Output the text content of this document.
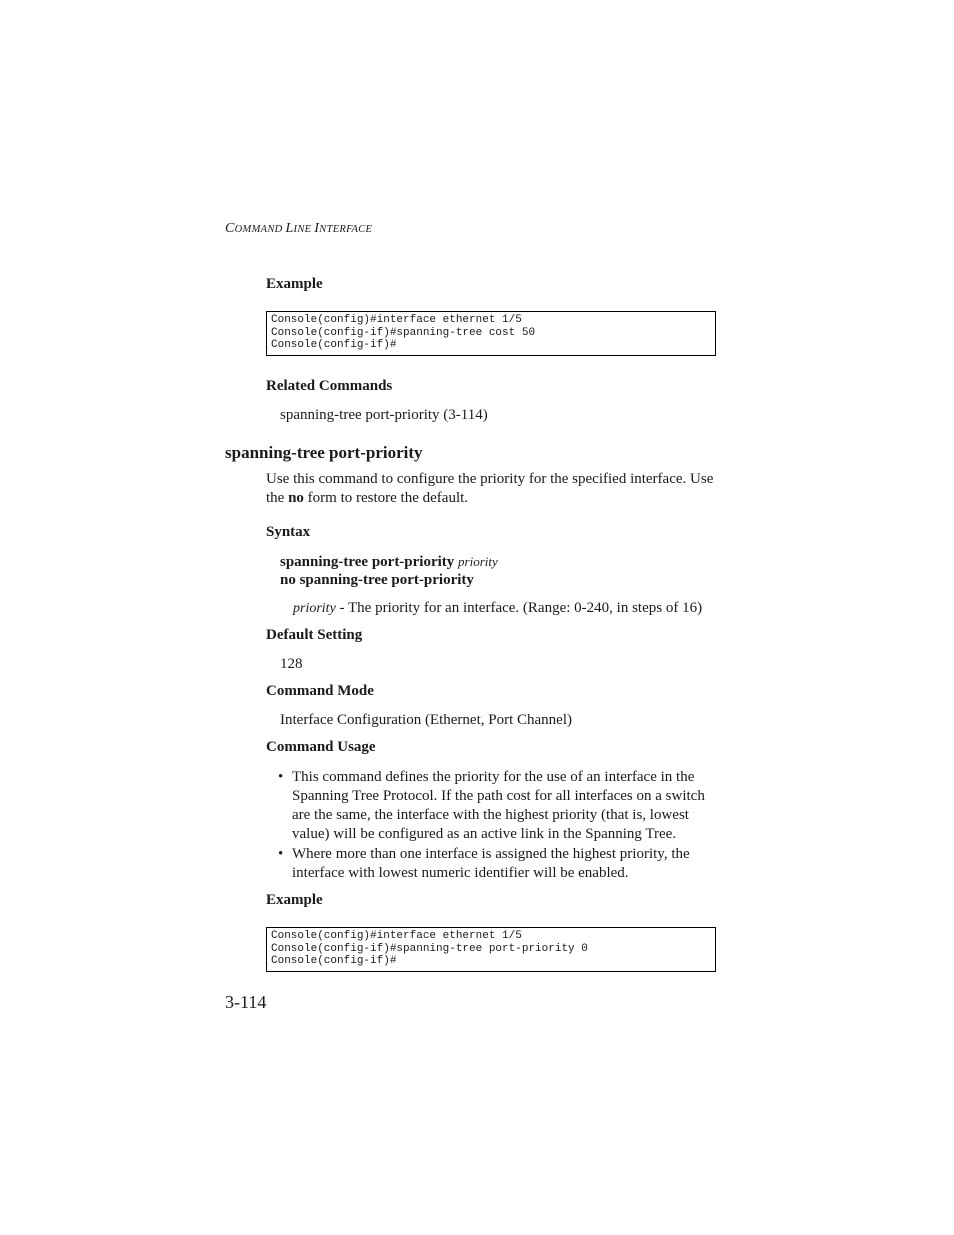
COMMAND LINE INTERFACE
Example
Console(config)#interface ethernet 1/5
Console(config-if)#spanning-tree cost 50
Console(config-if)#
Related Commands
spanning-tree port-priority (3-114)
spanning-tree port-priority
Use this command to configure the priority for the specified interface. Use
the no form to restore the default.
Syntax
spanning-tree port-priority priority
no spanning-tree port-priority
priority - The priority for an interface. (Range: 0-240, in steps of 16)
Default Setting
128
Command Mode
Interface Configuration (Ethernet, Port Channel)
Command Usage
• This command defines the priority for the use of an interface in the Spanning Tree Protocol. If the path cost for all interfaces on a switch are the same, the interface with the highest priority (that is, lowest value) will be configured as an active link in the Spanning Tree.
• Where more than one interface is assigned the highest priority, the interface with lowest numeric identifier will be enabled.
Example
Console(config)#interface ethernet 1/5
Console(config-if)#spanning-tree port-priority 0
Console(config-if)#
3-114
